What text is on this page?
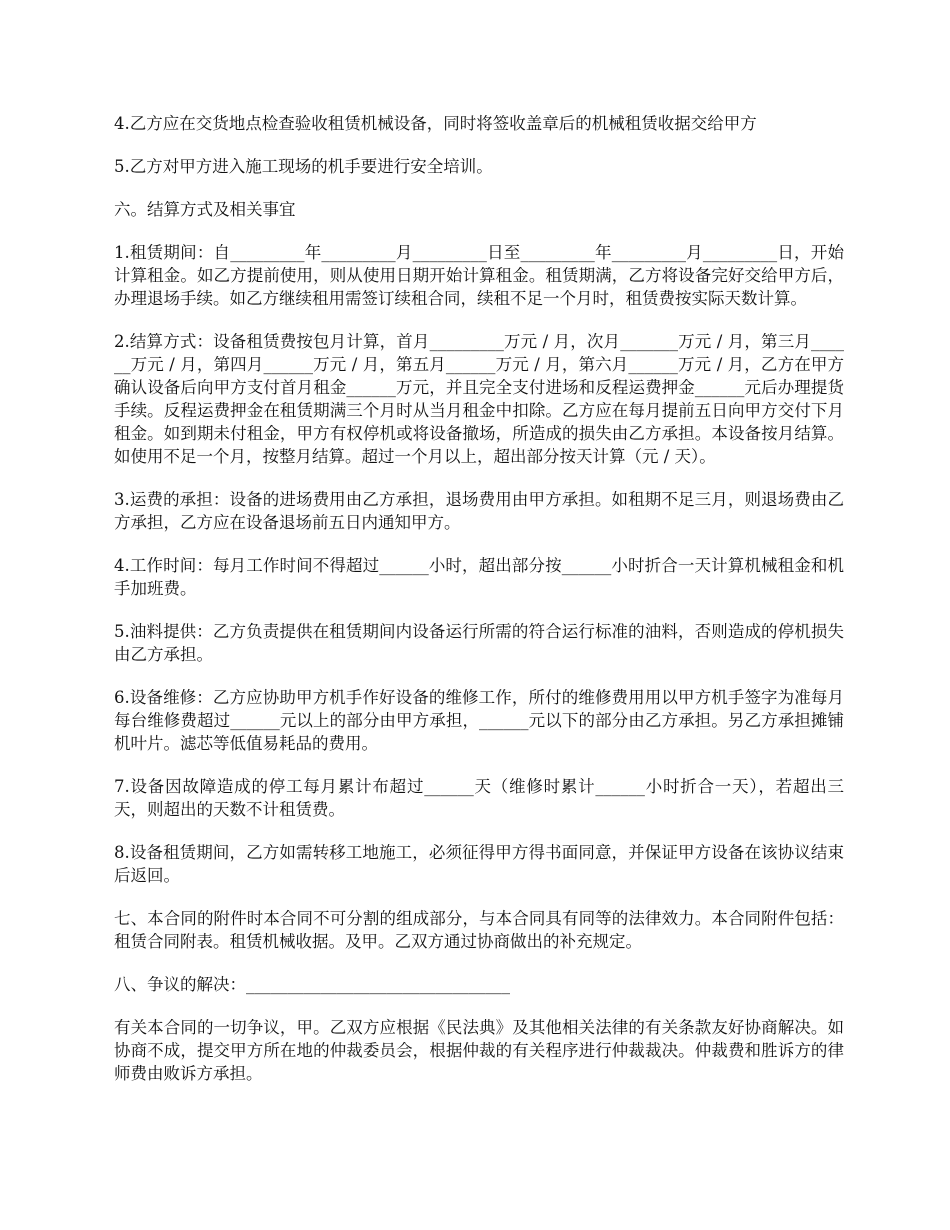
4.乙方应在交货地点检查验收租赁机械设备，同时将签收盖章后的机械租赁收据交给甲方

5.乙方对甲方进入施工现场的机手要进行安全培训。

六。结算方式及相关事宜

1.租赁期间：自_________年_________月_________日至_________年_________月_________日，开始计算租金。如乙方提前使用，则从使用日期开始计算租金。租赁期满，乙方将设备完好交给甲方后，办理退场手续。如乙方继续租用需签订续租合同，续租不足一个月时，租赁费按实际天数计算。

2.结算方式：设备租赁费按包月计算，首月_________万元 / 月，次月_______万元 / 月，第三月______万元 / 月，第四月______万元 / 月，第五月______万元 / 月，第六月______万元 / 月，乙方在甲方确认设备后向甲方支付首月租金______万元，并且完全支付进场和反程运费押金______元后办理提货手续。反程运费押金在租赁期满三个月时从当月租金中扣除。乙方应在每月提前五日向甲方交付下月租金。如到期未付租金，甲方有权停机或将设备撤场，所造成的损失由乙方承担。本设备按月结算。如使用不足一个月，按整月结算。超过一个月以上，超出部分按天计算（元 / 天）。

3.运费的承担：设备的进场费用由乙方承担，退场费用由甲方承担。如租期不足三月，则退场费由乙方承担，乙方应在设备退场前五日内通知甲方。

4.工作时间：每月工作时间不得超过______小时，超出部分按______小时折合一天计算机械租金和机手加班费。

5.油料提供：乙方负责提供在租赁期间内设备运行所需的符合运行标准的油料，否则造成的停机损失由乙方承担。

6.设备维修：乙方应协助甲方机手作好设备的维修工作，所付的维修费用用以甲方机手签字为准每月每台维修费超过______元以上的部分由甲方承担，______元以下的部分由乙方承担。另乙方承担摊铺机叶片。滤芯等低值易耗品的费用。

7.设备因故障造成的停工每月累计布超过______天（维修时累计______小时折合一天），若超出三天，则超出的天数不计租赁费。

8.设备租赁期间，乙方如需转移工地施工，必须征得甲方得书面同意，并保证甲方设备在该协议结束后返回。

七、本合同的附件时本合同不可分割的组成部分，与本合同具有同等的法律效力。本合同附件包括：租赁合同附表。租赁机械收据。及甲。乙双方通过协商做出的补充规定。

八、争议的解决：________________________________

有关本合同的一切争议，甲。乙双方应根据《民法典》及其他相关法律的有关条款友好协商解决。如协商不成，提交甲方所在地的仲裁委员会，根据仲裁的有关程序进行仲裁裁决。仲裁费和胜诉方的律师费由败诉方承担。
